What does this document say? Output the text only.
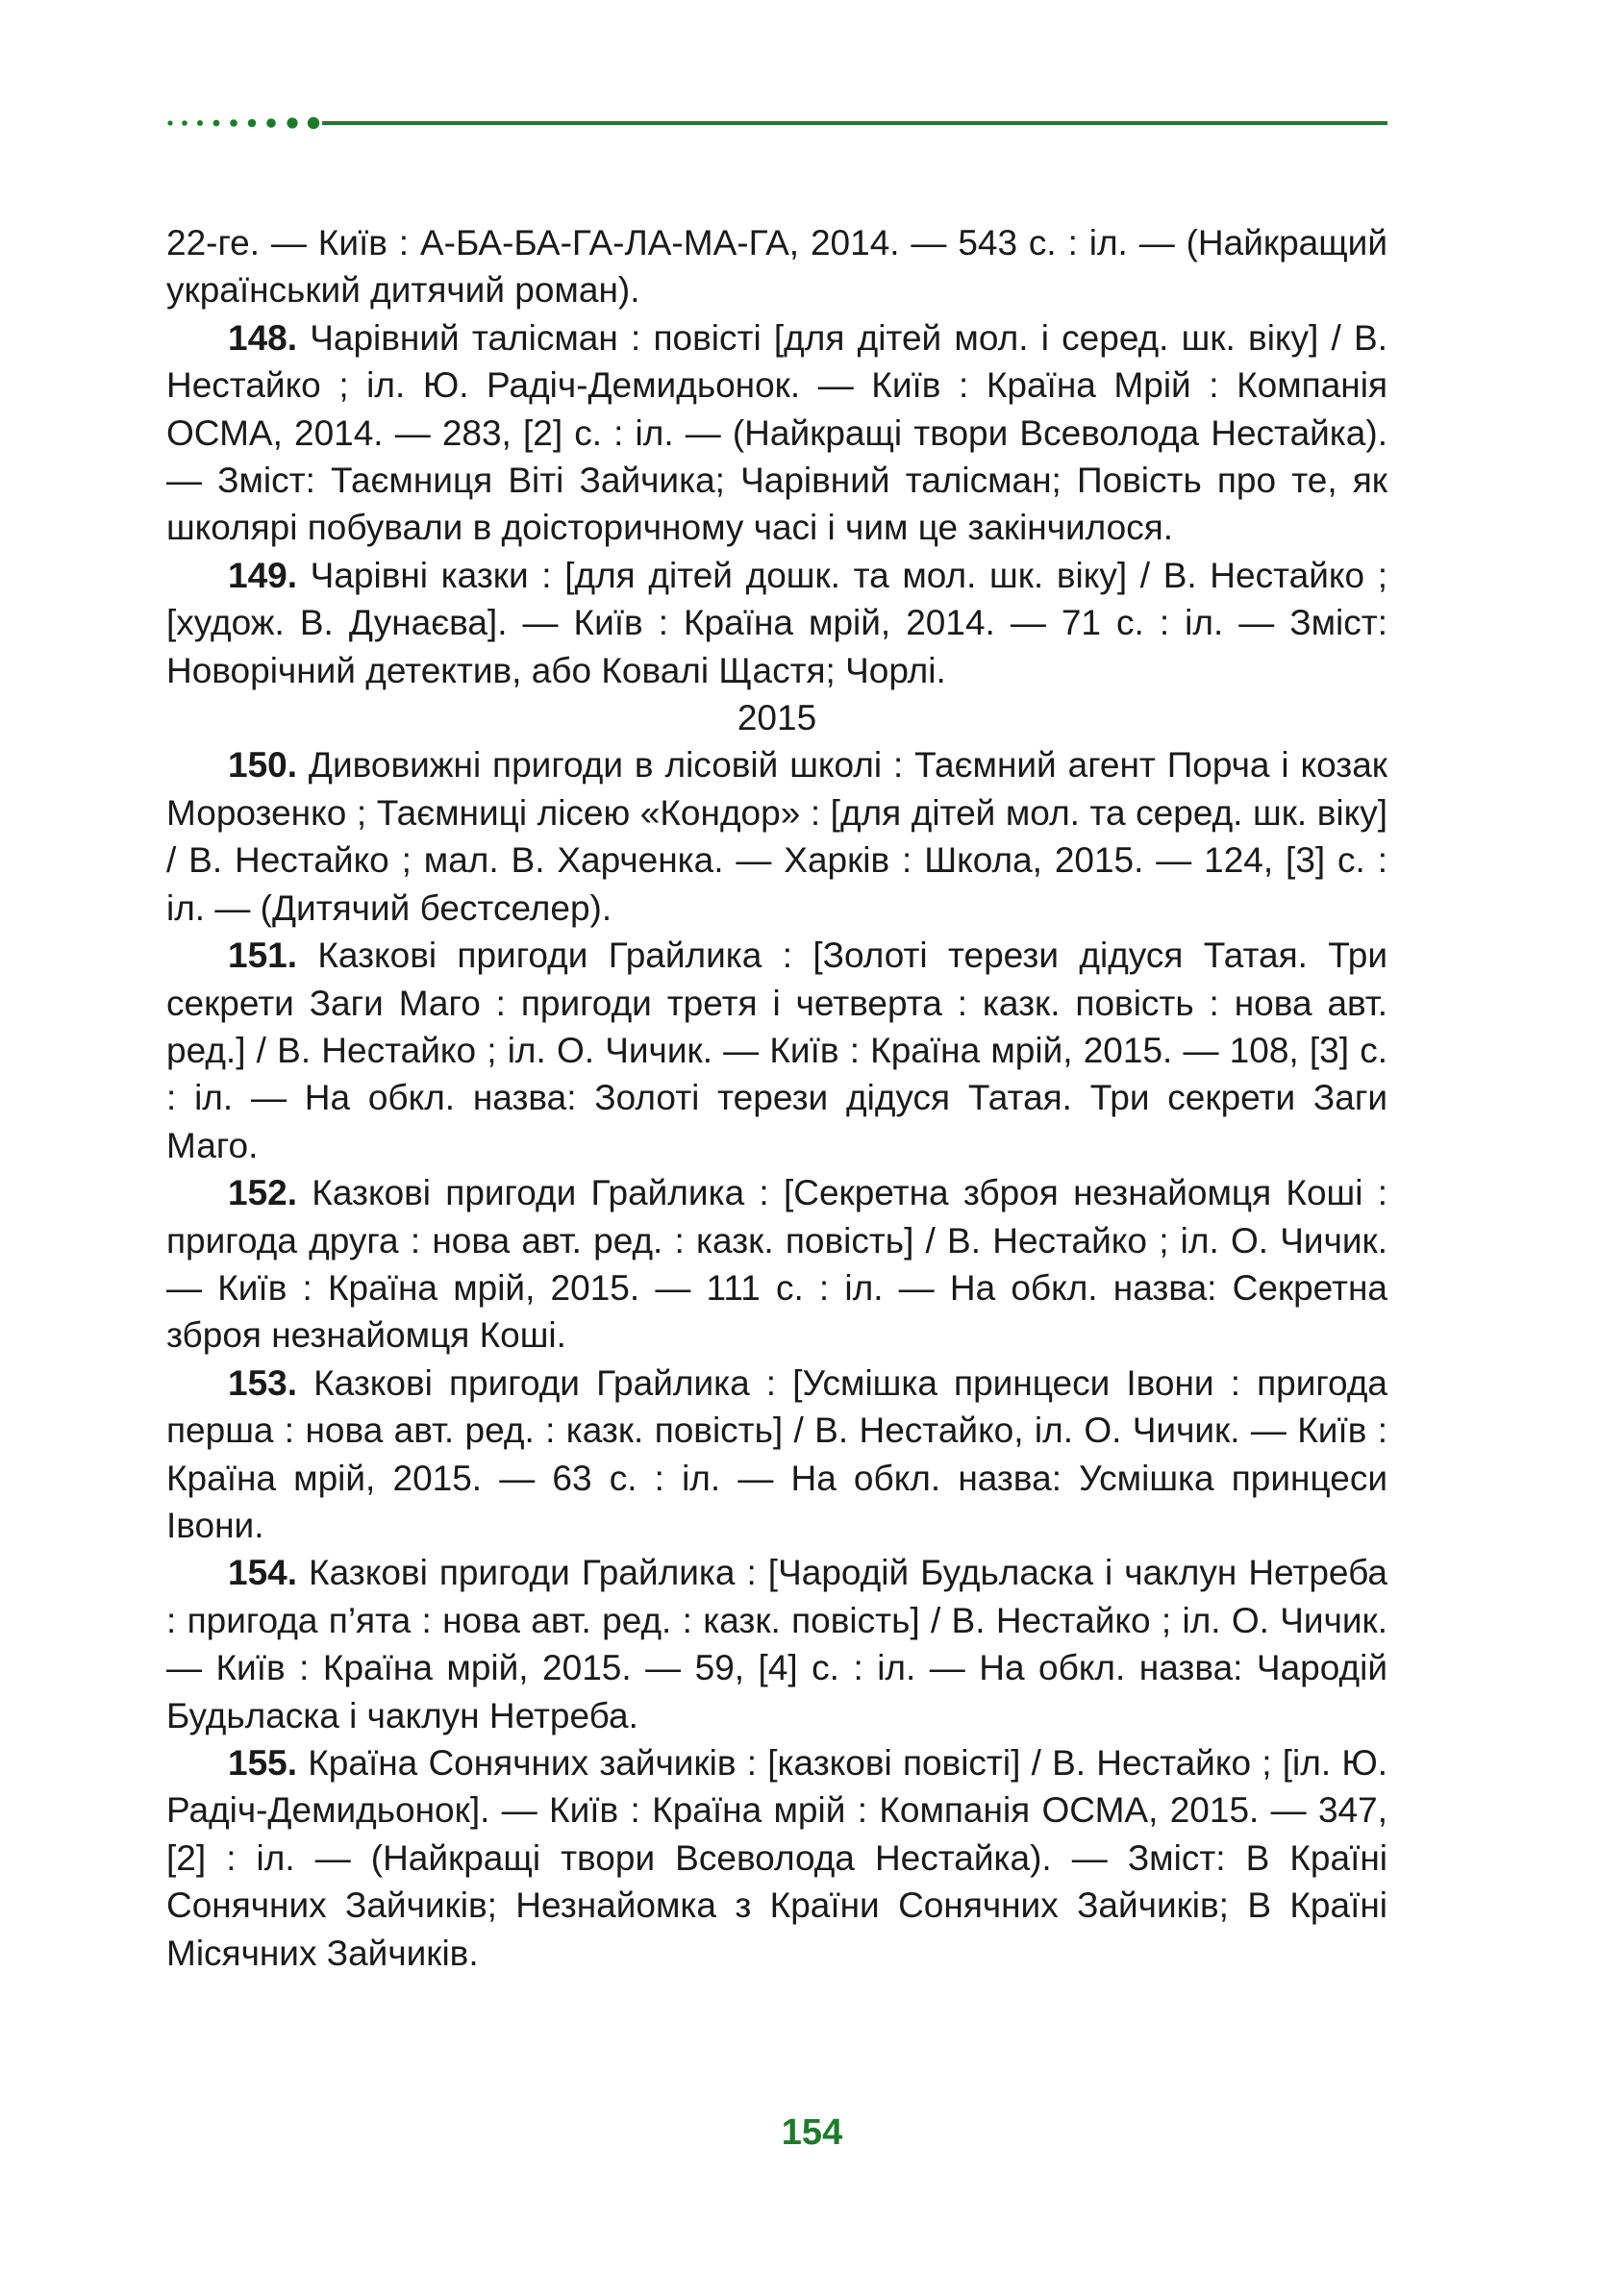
22-ге. — Київ : А-БА-БА-ГА-ЛА-МА-ГА, 2014. — 543 с. : іл. — (Найкращий український дитячий роман).

148. Чарівний талісман : повісті [для дітей мол. і серед. шк. віку] / В. Нестайко ; іл. Ю. Радіч-Демидьонок. — Київ : Країна Мрій : Компанія ОСМА, 2014. — 283, [2] с. : іл. — (Найкращі твори Всеволода Нестайка). — Зміст: Таємниця Віті Зайчика; Чарівний талісман; Повість про те, як школярі побували в доісторичному часі і чим це закінчилося.

149. Чарівні казки : [для дітей дошк. та мол. шк. віку] / В. Нестайко ; [худож. В. Дунаєва]. — Київ : Країна мрій, 2014. — 71 с. : іл. — Зміст: Новорічний детектив, або Ковалі Щастя; Чорлі.

2015

150. Дивовижні пригоди в лісовій школі : Таємний агент Порча і козак Морозенко ; Таємниці лісею «Кондор» : [для дітей мол. та серед. шк. віку] / В. Нестайко ; мал. В. Харченка. — Харків : Школа, 2015. — 124, [3] с. : іл. — (Дитячий бестселер).

151. Казкові пригоди Грайлика : [Золоті терези дідуся Татая. Три секрети Заги Маго : пригоди третя і четверта : казк. повість : нова авт. ред.] / В. Нестайко ; іл. О. Чичик. — Київ : Країна мрій, 2015. — 108, [3] с. : іл. — На обкл. назва: Золоті терези дідуся Татая. Три секрети Заги Маго.

152. Казкові пригоди Грайлика : [Секретна зброя незнайомця Коші : пригода друга : нова авт. ред. : казк. повість] / В. Нестайко ; іл. О. Чичик. — Київ : Країна мрій, 2015. — 111 с. : іл. — На обкл. назва: Секретна зброя незнайомця Коші.

153. Казкові пригоди Грайлика : [Усмішка принцеси Івони : пригода перша : нова авт. ред. : казк. повість] / В. Нестайко, іл. О. Чичик. — Київ : Країна мрій, 2015. — 63 с. : іл. — На обкл. назва: Усмішка принцеси Івони.

154. Казкові пригоди Грайлика : [Чародій Будьласка і чаклун Нетреба : пригода п’ята : нова авт. ред. : казк. повість] / В. Нестайко ; іл. О. Чичик. — Київ : Країна мрій, 2015. — 59, [4] с. : іл. — На обкл. назва: Чародій Будьласка і чаклун Нетреба.

155. Країна Сонячних зайчиків : [казкові повісті] / В. Нестайко ; [іл. Ю. Радіч-Демидьонок]. — Київ : Країна мрій : Компанія ОСМА, 2015. — 347, [2] : іл. — (Найкращі твори Всеволода Нестайка). — Зміст: В Країні Сонячних Зайчиків; Незнайомка з Країни Сонячних Зайчиків; В Країні Місячних Зайчиків.

154
